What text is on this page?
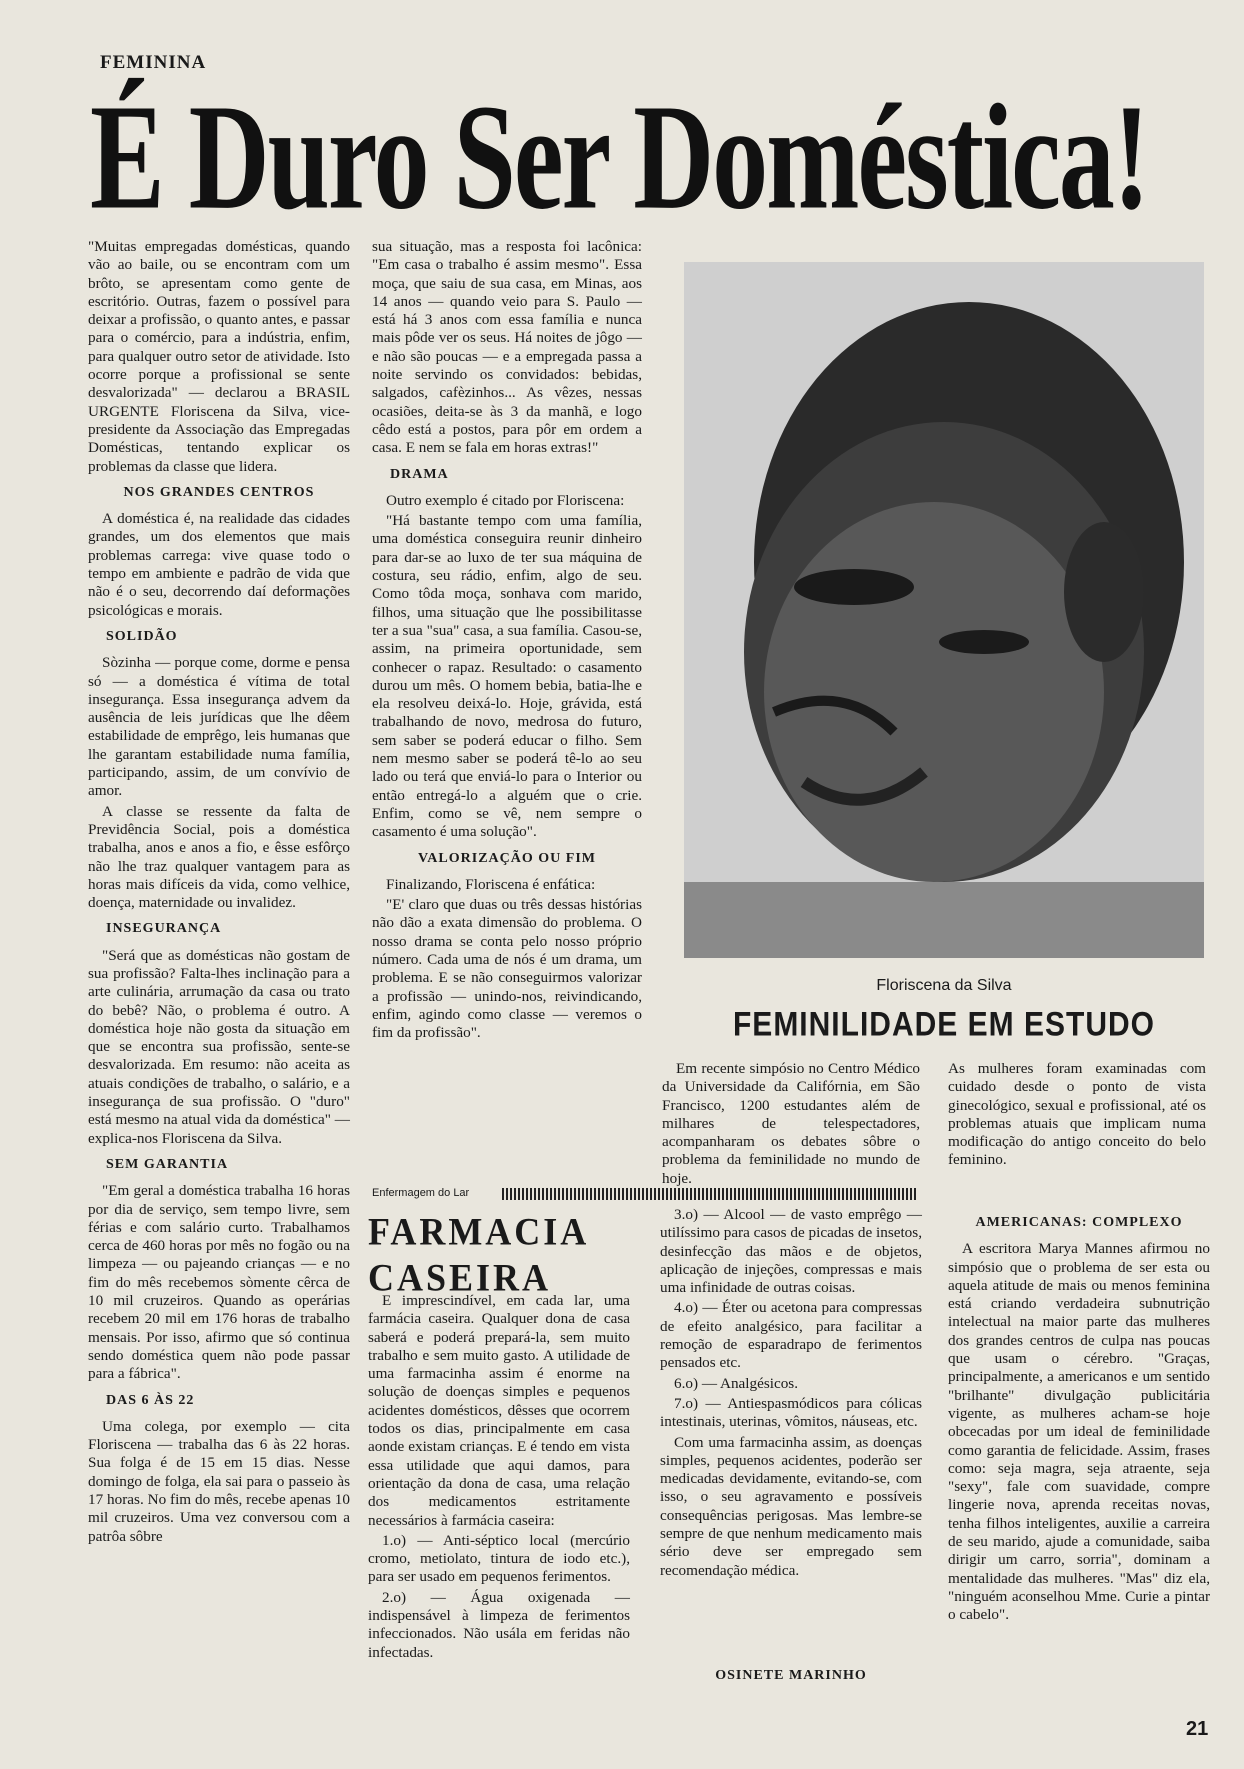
FEMININA
É Duro Ser Doméstica!

"Muitas empregadas domésticas, quando vão ao baile, ou se encontram com um brôto, se apresentam como gente de escritório. Outras, fazem o possível para deixar a profissão, o quanto antes, e passar para o comércio, para a indústria, enfim, para qualquer outro setor de atividade. Isto ocorre porque a profissional se sente desvalorizada" — declarou a BRASIL URGENTE Floriscena da Silva, vice-presidente da Associação das Empregadas Domésticas, tentando explicar os problemas da classe que lidera.

NOS GRANDES CENTROS

A doméstica é, na realidade das cidades grandes, um dos elementos que mais problemas carrega: vive quase todo o tempo em ambiente e padrão de vida que não é o seu, decorrendo daí deformações psicológicas e morais.

SOLIDÃO

Sòzinha — porque come, dorme e pensa só — a doméstica é vítima de total insegurança. Essa insegurança advem da ausência de leis jurídicas que lhe dêem estabilidade de emprêgo, leis humanas que lhe garantam estabilidade numa família, participando, assim, de um convívio de amor.

A classe se ressente da falta de Previdência Social, pois a doméstica trabalha, anos e anos a fio, e êsse esfôrço não lhe traz qualquer vantagem para as horas mais difíceis da vida, como velhice, doença, maternidade ou invalidez.

INSEGURANÇA

"Será que as domésticas não gostam de sua profissão? Falta-lhes inclinação para a arte culinária, arrumação da casa ou trato do bebê? Não, o problema é outro. A doméstica hoje não gosta da situação em que se encontra sua profissão, sente-se desvalorizada. Em resumo: não aceita as atuais condições de trabalho, o salário, e a insegurança de sua profissão. O "duro" está mesmo na atual vida da doméstica" — explica-nos Floriscena da Silva.

SEM GARANTIA

"Em geral a doméstica trabalha 16 horas por dia de serviço, sem tempo livre, sem férias e com salário curto. Trabalhamos cerca de 460 horas por mês no fogão ou na limpeza — ou pajeando crianças — e no fim do mês recebemos sòmente cêrca de 10 mil cruzeiros. Quando as operárias recebem 20 mil em 176 horas de trabalho mensais. Por isso, afirmo que só continua sendo doméstica quem não pode passar para a fábrica".

DAS 6 ÀS 22

Uma colega, por exemplo — cita Floriscena — trabalha das 6 às 22 horas. Sua folga é de 15 em 15 dias. Nesse domingo de folga, ela sai para o passeio às 17 horas. No fim do mês, recebe apenas 10 mil cruzeiros. Uma vez conversou com a patrôa sôbre

sua situação, mas a resposta foi lacônica: "Em casa o trabalho é assim mesmo". Essa moça, que saiu de sua casa, em Minas, aos 14 anos — quando veio para S. Paulo — está há 3 anos com essa família e nunca mais pôde ver os seus. Há noites de jôgo — e não são poucas — e a empregada passa a noite servindo os convidados: bebidas, salgados, cafèzinhos... As vêzes, nessas ocasiões, deita-se às 3 da manhã, e logo cêdo está a postos, para pôr em ordem a casa. E nem se fala em horas extras!"

DRAMA

Outro exemplo é citado por Floriscena:

"Há bastante tempo com uma família, uma doméstica conseguira reunir dinheiro para dar-se ao luxo de ter sua máquina de costura, seu rádio, enfim, algo de seu. Como tôda moça, sonhava com marido, filhos, uma situação que lhe possibilitasse ter a sua "sua" casa, a sua família. Casou-se, assim, na primeira oportunidade, sem conhecer o rapaz. Resultado: o casamento durou um mês. O homem bebia, batia-lhe e ela resolveu deixá-lo. Hoje, grávida, está trabalhando de novo, medrosa do futuro, sem saber se poderá educar o filho. Sem nem mesmo saber se poderá tê-lo ao seu lado ou terá que enviá-lo para o Interior ou então entregá-lo a alguém que o crie. Enfim, como se vê, nem sempre o casamento é uma solução".

VALORIZAÇÃO OU FIM

Finalizando, Floriscena é enfática:

"E' claro que duas ou três dessas histórias não dão a exata dimensão do problema. O nosso drama se conta pelo nosso próprio número. Cada uma de nós é um drama, um problema. E se não conseguirmos valorizar a profissão — unindo-nos, reivindicando, enfim, agindo como classe — veremos o fim da profissão".

Floriscena da Silva
FEMINILIDADE EM ESTUDO

Em recente simpósio no Centro Médico da Universidade da Califórnia, em São Francisco, 1200 estudantes além de milhares de telespectadores, acompanharam os debates sôbre o problema da feminilidade no mundo de hoje.

As mulheres foram examinadas com cuidado desde o ponto de vista ginecológico, sexual e profissional, até os problemas atuais que implicam numa modificação do antigo conceito do belo feminino.

Enfermagem do Lar
FARMACIA
CASEIRA

E imprescindível, em cada lar, uma farmácia caseira. Qualquer dona de casa saberá e poderá prepará-la, sem muito trabalho e sem muito gasto. A utilidade de uma farmacinha assim é enorme na solução de doenças simples e pequenos acidentes domésticos, dêsses que ocorrem todos os dias, principalmente em casa aonde existam crianças. E é tendo em vista essa utilidade que aqui damos, para orientação da dona de casa, uma relação dos medicamentos estritamente necessários à farmácia caseira:

1.o) — Anti-séptico local (mercúrio cromo, metiolato, tintura de iodo etc.), para ser usado em pequenos ferimentos.

2.o) — Água oxigenada — indispensável à limpeza de ferimentos infeccionados. Não usála em feridas não infectadas.

3.o) — Alcool — de vasto emprêgo — utilíssimo para casos de picadas de insetos, desinfecção das mãos e de objetos, aplicação de injeções, compressas e mais uma infinidade de outras coisas.

4.o) — Éter ou acetona para compressas de efeito analgésico, para facilitar a remoção de esparadrapo de ferimentos pensados etc.

6.o) — Analgésicos.

7.o) — Antiespasmódicos para cólicas intestinais, uterinas, vômitos, náuseas, etc.

Com uma farmacinha assim, as doenças simples, pequenos acidentes, poderão ser medicadas devidamente, evitando-se, com isso, o seu agravamento e possíveis consequências perigosas. Mas lembre-se sempre de que nenhum medicamento mais sério deve ser empregado sem recomendação médica.

OSINETE MARINHO
AMERICANAS: COMPLEXO

A escritora Marya Mannes afirmou no simpósio que o problema de ser esta ou aquela atitude de mais ou menos feminina está criando verdadeira subnutrição intelectual na maior parte das mulheres dos grandes centros de culpa nas poucas que usam o cérebro. "Graças, principalmente, a americanos e um sentido "brilhante" divulgação publicitária vigente, as mulheres acham-se hoje obcecadas por um ideal de feminilidade como garantia de felicidade. Assim, frases como: seja magra, seja atraente, seja "sexy", fale com suavidade, compre lingerie nova, aprenda receitas novas, tenha filhos inteligentes, auxilie a carreira de seu marido, ajude a comunidade, saiba dirigir um carro, sorria", dominam a mentalidade das mulheres. "Mas" diz ela, "ninguém aconselhou Mme. Curie a pintar o cabelo".

21
